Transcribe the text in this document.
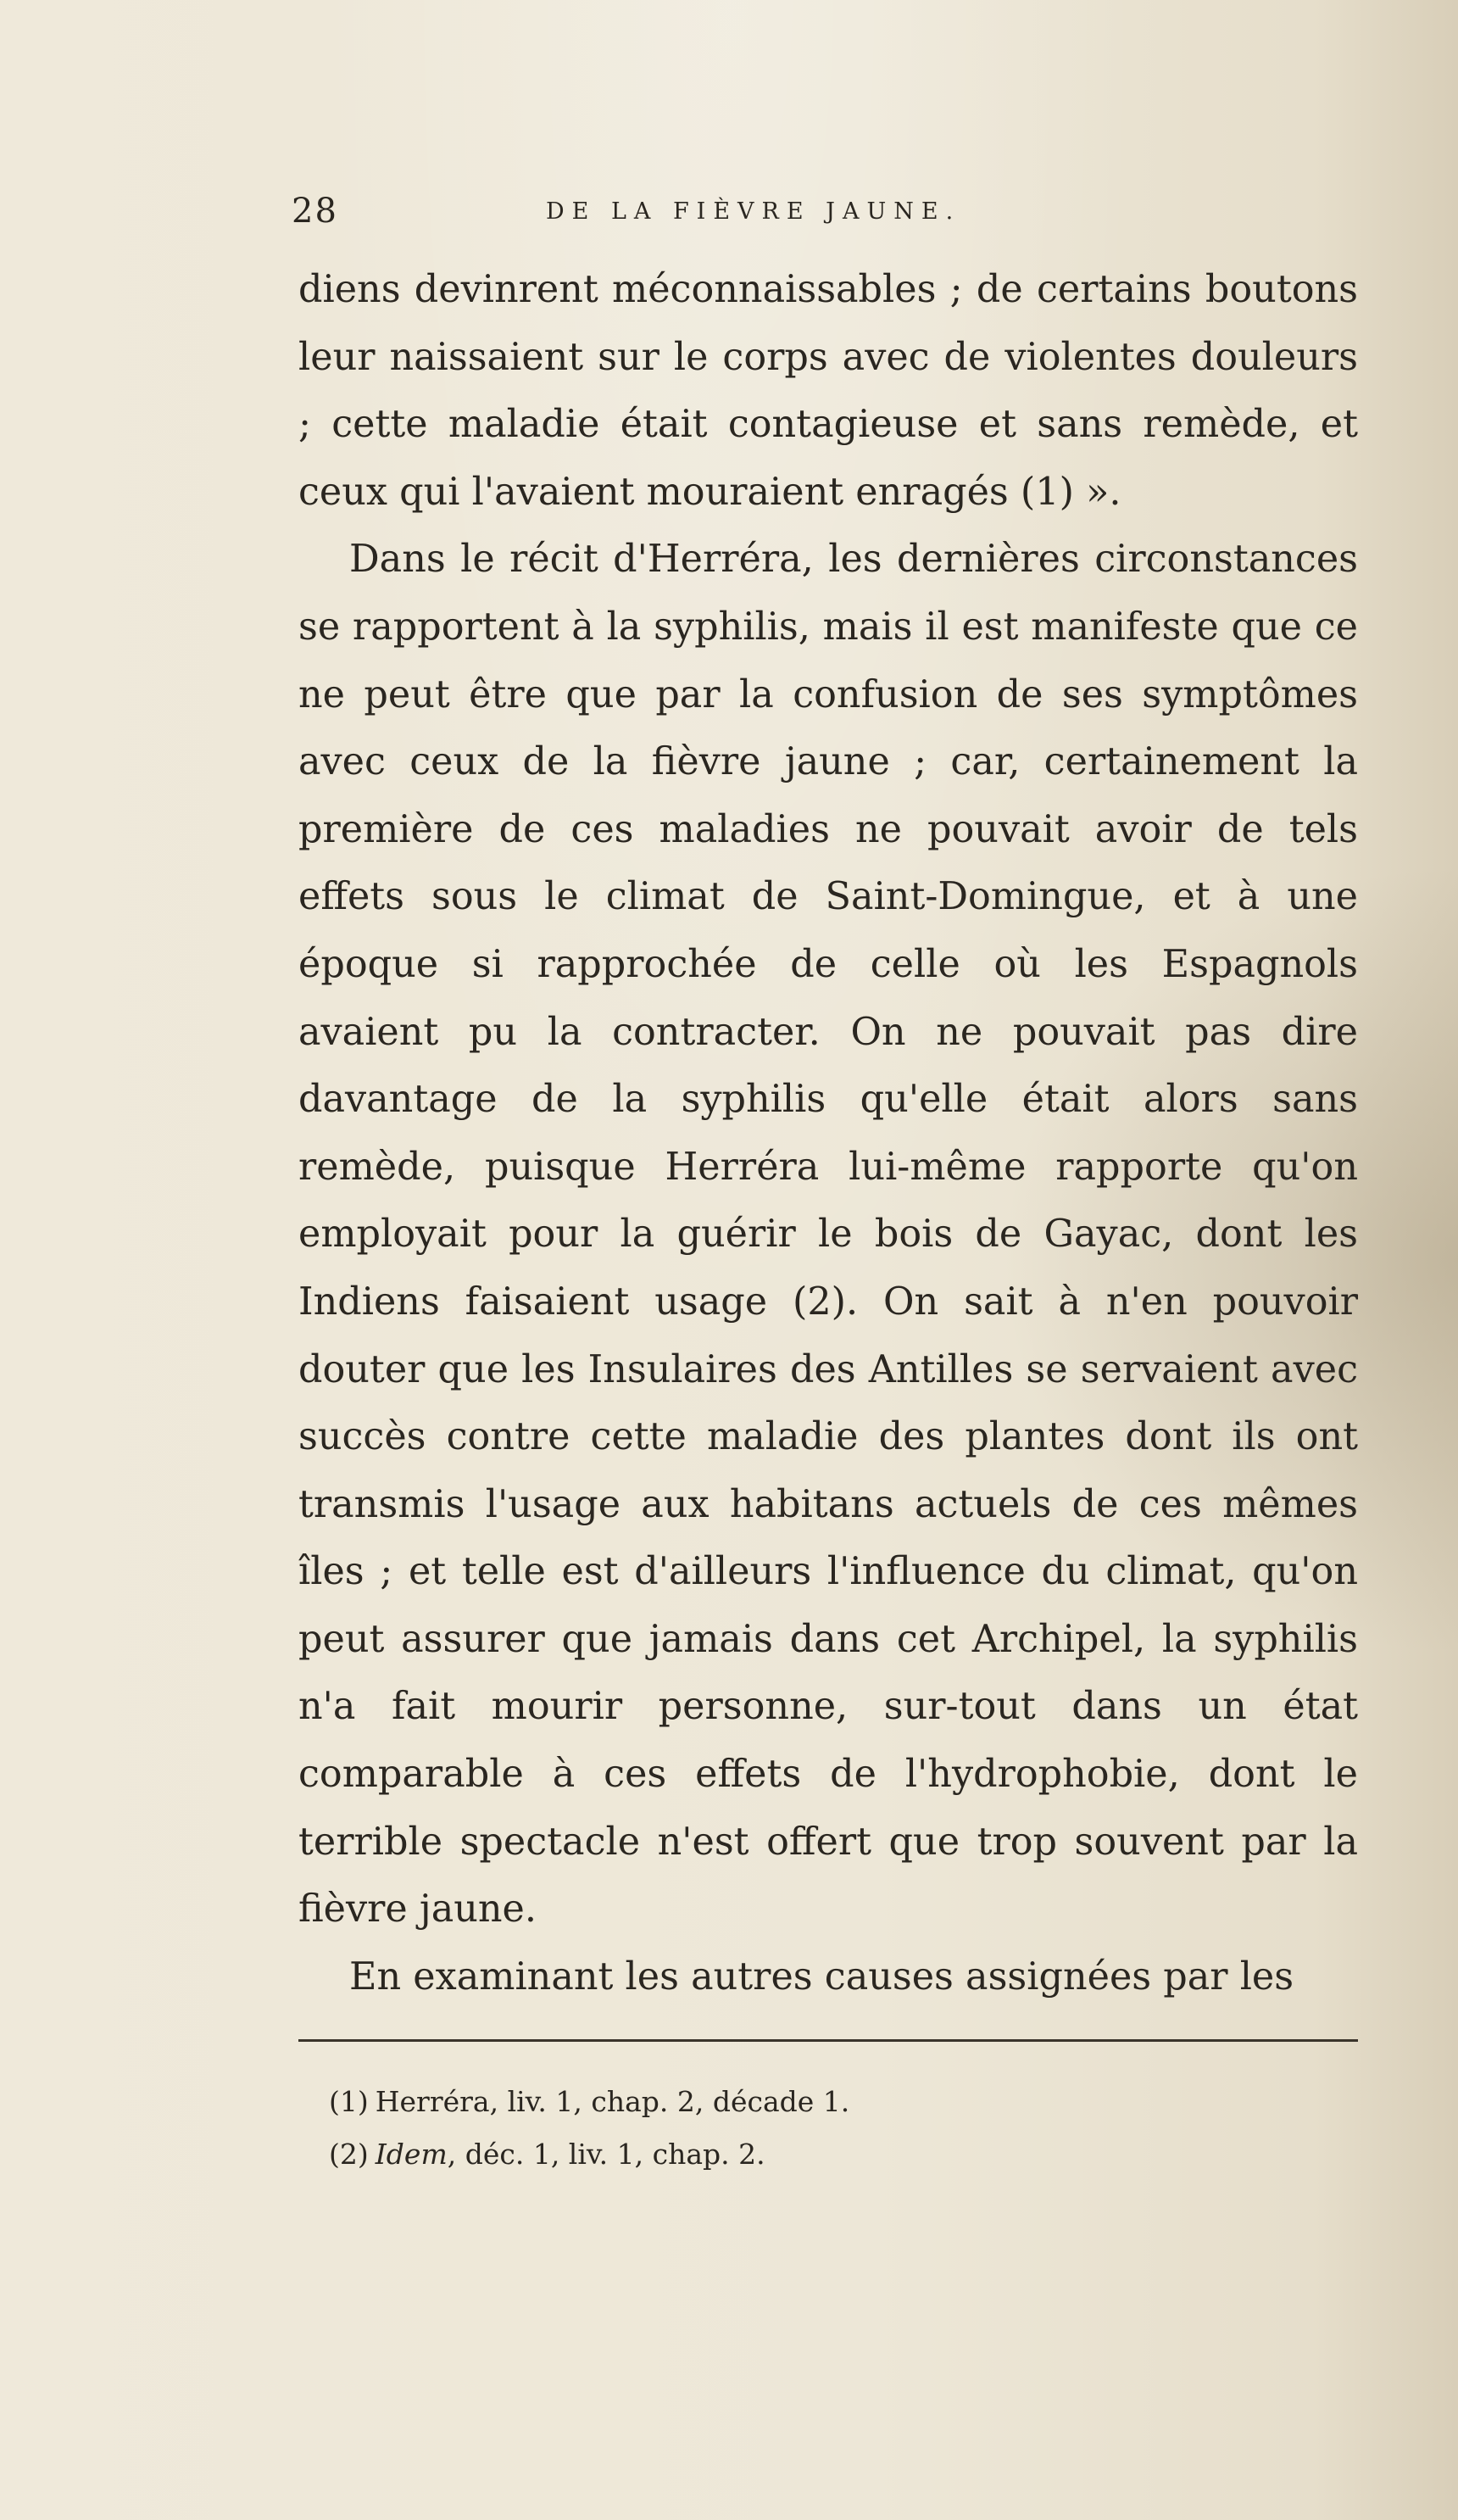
28	DE LA FIÈVRE JAUNE.

diens devinrent méconnaissables ; de certains boutons leur naissaient sur le corps avec de violentes douleurs ; cette maladie était contagieuse et sans remède, et ceux qui l'avaient mouraient enragés (1) ».

Dans le récit d'Herréra, les dernières circonstances se rapportent à la syphilis, mais il est manifeste que ce ne peut être que par la confusion de ses symptômes avec ceux de la fièvre jaune ; car, certainement la première de ces maladies ne pouvait avoir de tels effets sous le climat de Saint-Domingue, et à une époque si rapprochée de celle où les Espagnols avaient pu la contracter. On ne pouvait pas dire davantage de la syphilis qu'elle était alors sans remède, puisque Herréra lui-même rapporte qu'on employait pour la guérir le bois de Gayac, dont les Indiens faisaient usage (2). On sait à n'en pouvoir douter que les Insulaires des Antilles se servaient avec succès contre cette maladie des plantes dont ils ont transmis l'usage aux habitans actuels de ces mêmes îles ; et telle est d'ailleurs l'influence du climat, qu'on peut assurer que jamais dans cet Archipel, la syphilis n'a fait mourir personne, sur-tout dans un état comparable à ces effets de l'hydrophobie, dont le terrible spectacle n'est offert que trop souvent par la fièvre jaune.

En examinant les autres causes assignées par les

(1) Herréra, liv. 1, chap. 2, décade 1.

(2) Idem, déc. 1, liv. 1, chap. 2.
